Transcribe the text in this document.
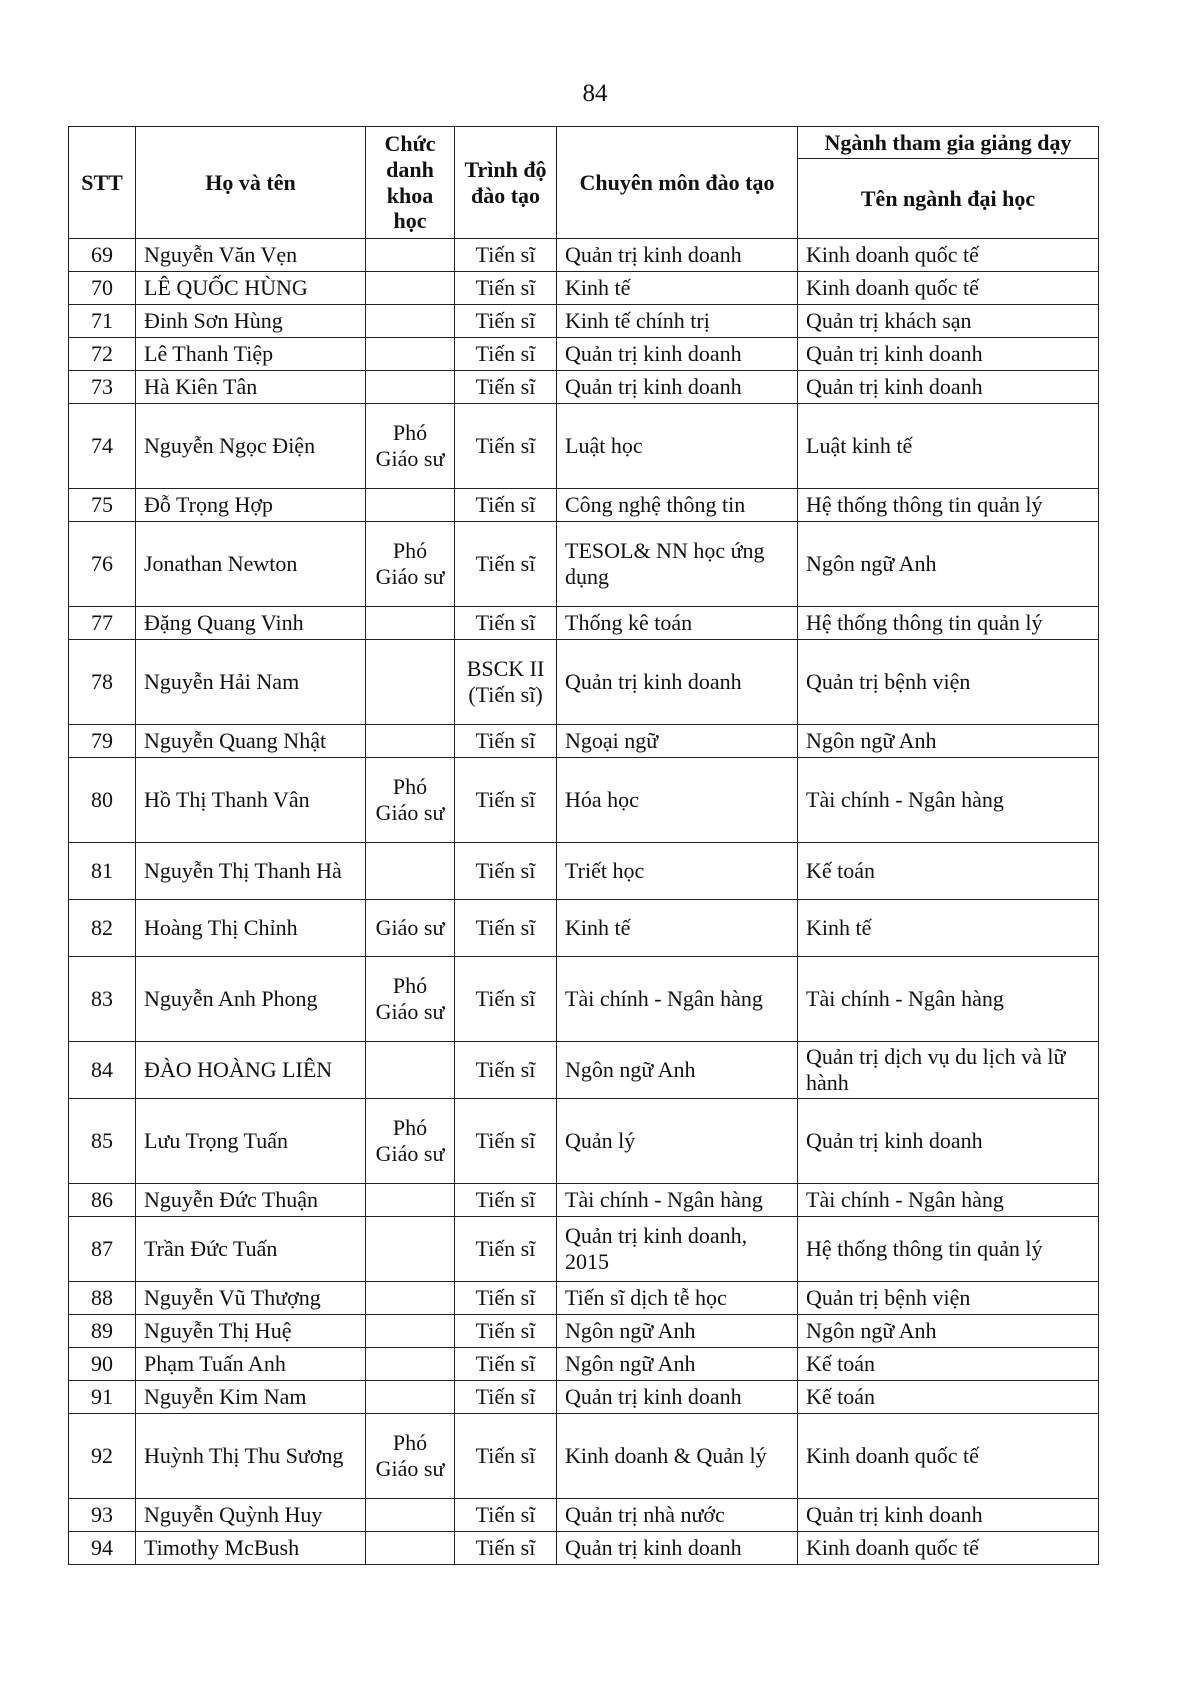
84
STT	Họ và tên	Chức danh khoa học	Trình độ đào tạo	Chuyên môn đào tạo	Ngành tham gia giảng dạy
					Tên ngành đại học
69	Nguyễn Văn Vẹn		Tiến sĩ	Quản trị kinh doanh	Kinh doanh quốc tế
70	LÊ QUỐC HÙNG		Tiến sĩ	Kinh tế	Kinh doanh quốc tế
71	Đinh Sơn Hùng		Tiến sĩ	Kinh tế chính trị	Quản trị khách sạn
72	Lê Thanh Tiệp		Tiến sĩ	Quản trị kinh doanh	Quản trị kinh doanh
73	Hà Kiên Tân		Tiến sĩ	Quản trị kinh doanh	Quản trị kinh doanh
74	Nguyễn Ngọc Điện	Phó Giáo sư	Tiến sĩ	Luật học	Luật kinh tế
75	Đỗ Trọng Hợp		Tiến sĩ	Công nghệ thông tin	Hệ thống thông tin quản lý
76	Jonathan Newton	Phó Giáo sư	Tiến sĩ	TESOL& NN học ứng dụng	Ngôn ngữ Anh
77	Đặng Quang Vinh		Tiến sĩ	Thống kê toán	Hệ thống thông tin quản lý
78	Nguyễn Hải Nam		BSCK II (Tiến sĩ)	Quản trị kinh doanh	Quản trị bệnh viện
79	Nguyễn Quang Nhật		Tiến sĩ	Ngoại ngữ	Ngôn ngữ Anh
80	Hồ Thị Thanh Vân	Phó Giáo sư	Tiến sĩ	Hóa học	Tài chính - Ngân hàng
81	Nguyễn Thị Thanh Hà		Tiến sĩ	Triết học	Kế toán
82	Hoàng Thị Chỉnh	Giáo sư	Tiến sĩ	Kinh tế	Kinh tế
83	Nguyễn Anh Phong	Phó Giáo sư	Tiến sĩ	Tài chính - Ngân hàng	Tài chính - Ngân hàng
84	ĐÀO HOÀNG LIÊN		Tiến sĩ	Ngôn ngữ Anh	Quản trị dịch vụ du lịch và lữ hành
85	Lưu Trọng Tuấn	Phó Giáo sư	Tiến sĩ	Quản lý	Quản trị kinh doanh
86	Nguyễn Đức Thuận		Tiến sĩ	Tài chính - Ngân hàng	Tài chính - Ngân hàng
87	Trần Đức Tuấn		Tiến sĩ	Quản trị kinh doanh, 2015	Hệ thống thông tin quản lý
88	Nguyễn Vũ Thượng		Tiến sĩ	Tiến sĩ dịch tễ học	Quản trị bệnh viện
89	Nguyễn Thị Huệ		Tiến sĩ	Ngôn ngữ Anh	Ngôn ngữ Anh
90	Phạm Tuấn Anh		Tiến sĩ	Ngôn ngữ Anh	Kế toán
91	Nguyễn Kim Nam		Tiến sĩ	Quản trị kinh doanh	Kế toán
92	Huỳnh Thị Thu Sương	Phó Giáo sư	Tiến sĩ	Kinh doanh & Quản lý	Kinh doanh quốc tế
93	Nguyễn Quỳnh Huy		Tiến sĩ	Quản trị nhà nước	Quản trị kinh doanh
94	Timothy McBush		Tiến sĩ	Quản trị kinh doanh	Kinh doanh quốc tế
